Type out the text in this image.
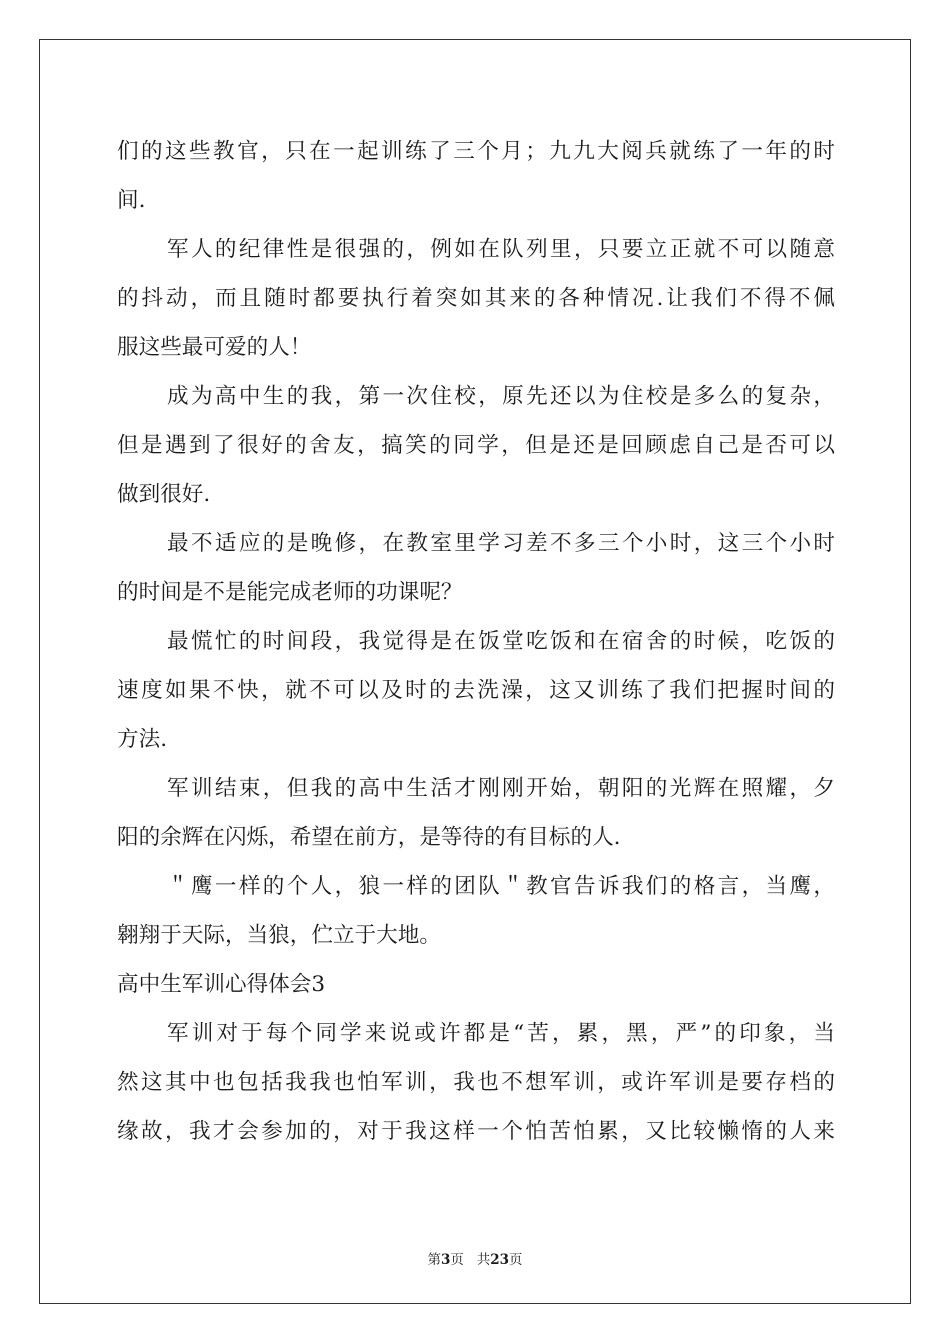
们的这些教官，只在一起训练了三个月；九九大阅兵就练了一年的时
间.
军人的纪律性是很强的，例如在队列里，只要立正就不可以随意
的抖动，而且随时都要执行着突如其来的各种情况.让我们不得不佩
服这些最可爱的人！
成为高中生的我，第一次住校，原先还以为住校是多么的复杂，
但是遇到了很好的舍友，搞笑的同学，但是还是回顾虑自己是否可以
做到很好.
最不适应的是晚修，在教室里学习差不多三个小时，这三个小时
的时间是不是能完成老师的功课呢？
最慌忙的时间段，我觉得是在饭堂吃饭和在宿舍的时候，吃饭的
速度如果不快，就不可以及时的去洗澡，这又训练了我们把握时间的
方法.
军训结束，但我的高中生活才刚刚开始，朝阳的光辉在照耀，夕
阳的余辉在闪烁，希望在前方，是等待的有目标的人.
＂鹰一样的个人，狼一样的团队＂教官告诉我们的格言，当鹰，
翱翔于天际，当狼，伫立于大地。
高中生军训心得体会3
军训对于每个同学来说或许都是“苦，累，黑，严”的印象，当
然这其中也包括我我也怕军训，我也不想军训，或许军训是要存档的
缘故，我才会参加的，对于我这样一个怕苦怕累，又比较懒惰的人来
第3页 共23页
